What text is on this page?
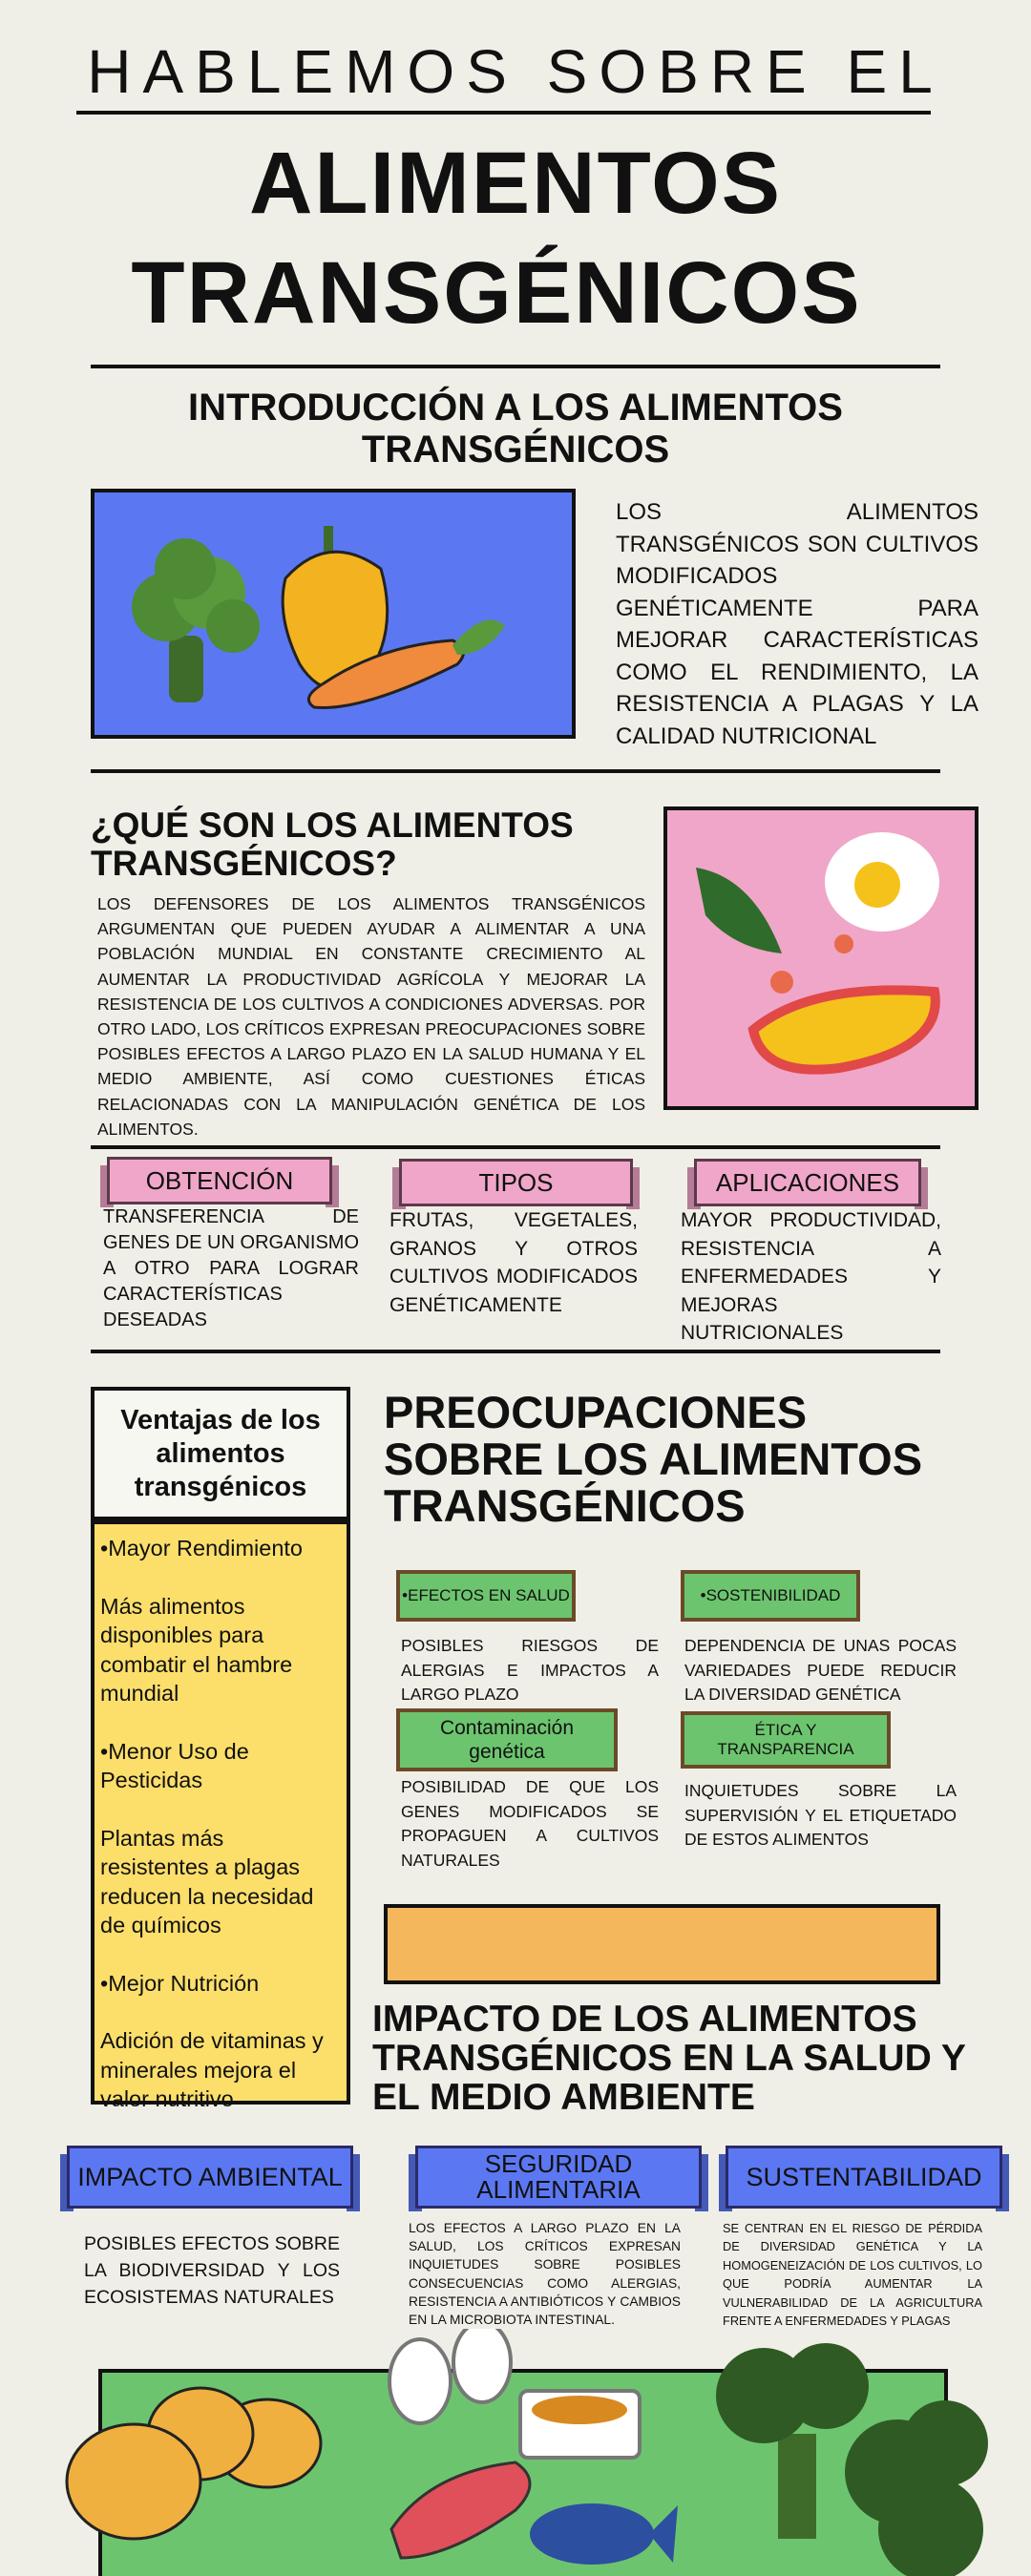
HABLEMOS SOBRE EL
ALIMENTOS
TRANSGÉNICOS
INTRODUCCIÓN A LOS ALIMENTOS TRANSGÉNICOS
LOS ALIMENTOS TRANSGÉNICOS SON CULTIVOS MODIFICADOS GENÉTICAMENTE PARA MEJORAR CARACTERÍSTICAS COMO EL RENDIMIENTO, LA RESISTENCIA A PLAGAS Y LA CALIDAD NUTRICIONAL
¿QUÉ SON LOS ALIMENTOS TRANSGÉNICOS?
LOS DEFENSORES DE LOS ALIMENTOS TRANSGÉNICOS ARGUMENTAN QUE PUEDEN AYUDAR A ALIMENTAR A UNA POBLACIÓN MUNDIAL EN CONSTANTE CRECIMIENTO AL AUMENTAR LA PRODUCTIVIDAD AGRÍCOLA Y MEJORAR LA RESISTENCIA DE LOS CULTIVOS A CONDICIONES ADVERSAS. POR OTRO LADO, LOS CRÍTICOS EXPRESAN PREOCUPACIONES SOBRE POSIBLES EFECTOS A LARGO PLAZO EN LA SALUD HUMANA Y EL MEDIO AMBIENTE, ASÍ COMO CUESTIONES ÉTICAS RELACIONADAS CON LA MANIPULACIÓN GENÉTICA DE LOS ALIMENTOS.
OBTENCIÓN
TRANSFERENCIA DE GENES DE UN ORGANISMO A OTRO PARA LOGRAR CARACTERÍSTICAS DESEADAS
TIPOS
FRUTAS, VEGETALES, GRANOS Y OTROS CULTIVOS MODIFICADOS GENÉTICAMENTE
APLICACIONES
MAYOR PRODUCTIVIDAD, RESISTENCIA A ENFERMEDADES Y MEJORAS NUTRICIONALES
Ventajas de los alimentos transgénicos
•Mayor Rendimiento
Más alimentos disponibles para combatir el hambre mundial
•Menor Uso de Pesticidas
Plantas más resistentes a plagas reducen la necesidad de químicos
•Mejor Nutrición
Adición de vitaminas y minerales mejora el valor nutritivo
PREOCUPACIONES SOBRE LOS ALIMENTOS TRANSGÉNICOS
•EFECTOS EN SALUD
POSIBLES RIESGOS DE ALERGIAS E IMPACTOS A LARGO PLAZO
•SOSTENIBILIDAD
DEPENDENCIA DE UNAS POCAS VARIEDADES PUEDE REDUCIR LA DIVERSIDAD GENÉTICA
Contaminación genética
POSIBILIDAD DE QUE LOS GENES MODIFICADOS SE PROPAGUEN A CULTIVOS NATURALES
ÉTICA Y TRANSPARENCIA
INQUIETUDES SOBRE LA SUPERVISIÓN Y EL ETIQUETADO DE ESTOS ALIMENTOS
IMPACTO DE LOS ALIMENTOS TRANSGÉNICOS EN LA SALUD Y EL MEDIO AMBIENTE
IMPACTO AMBIENTAL
POSIBLES EFECTOS SOBRE LA BIODIVERSIDAD Y LOS ECOSISTEMAS NATURALES
SEGURIDAD ALIMENTARIA
LOS EFECTOS A LARGO PLAZO EN LA SALUD, LOS CRÍTICOS EXPRESAN INQUIETUDES SOBRE POSIBLES CONSECUENCIAS COMO ALERGIAS, RESISTENCIA A ANTIBIÓTICOS Y CAMBIOS EN LA MICROBIOTA INTESTINAL.
SUSTENTABILIDAD
SE CENTRAN EN EL RIESGO DE PÉRDIDA DE DIVERSIDAD GENÉTICA Y LA HOMOGENEIZACIÓN DE LOS CULTIVOS, LO QUE PODRÍA AUMENTAR LA VULNERABILIDAD DE LA AGRICULTURA FRENTE A ENFERMEDADES Y PLAGAS
